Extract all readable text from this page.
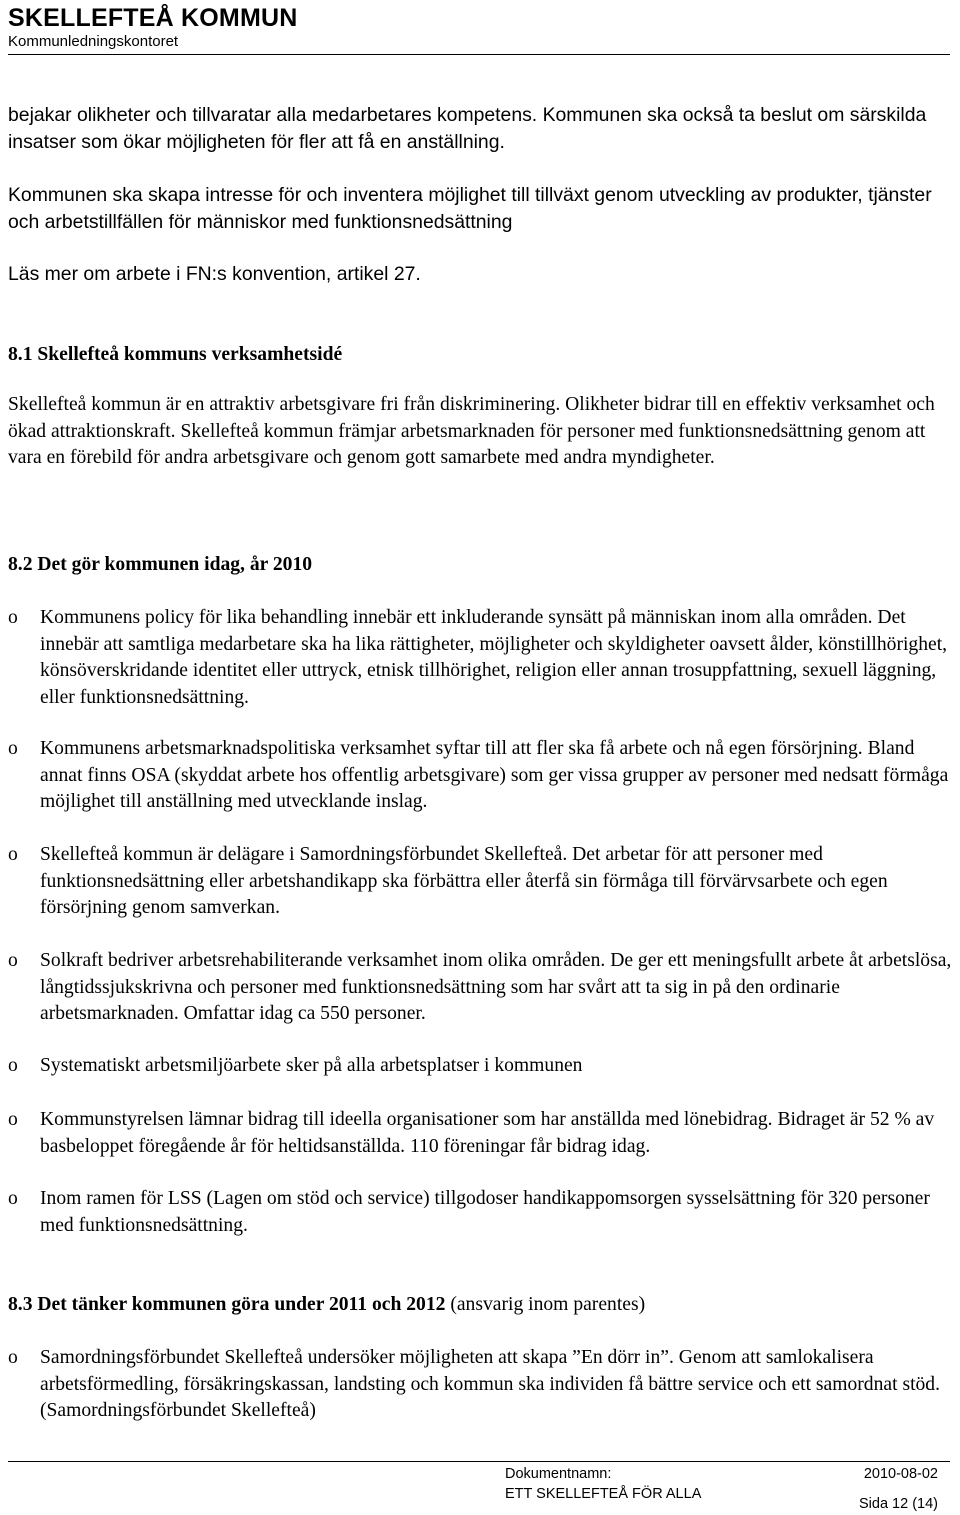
SKELLEFTEÅ KOMMUN
Kommunledningskontoret
bejakar olikheter och tillvaratar alla medarbetares kompetens. Kommunen ska också ta beslut om särskilda insatser som ökar möjligheten för fler att få en anställning.
Kommunen ska skapa intresse för och inventera möjlighet till tillväxt genom utveckling av produkter, tjänster och arbetstillfällen för människor med funktionsnedsättning
Läs mer om arbete i FN:s konvention, artikel 27.
8.1 Skellefteå kommuns verksamhetsidé
Skellefteå kommun är en attraktiv arbetsgivare fri från diskriminering. Olikheter bidrar till en effektiv verksamhet och ökad attraktionskraft. Skellefteå kommun främjar arbetsmarknaden för personer med funktionsnedsättning genom att vara en förebild för andra arbetsgivare och genom gott samarbete med andra myndigheter.
8.2 Det gör kommunen idag, år 2010
o	Kommunens policy för lika behandling innebär ett inkluderande synsätt på människan inom alla områden. Det innebär att samtliga medarbetare ska ha lika rättigheter, möjligheter och skyldigheter oavsett ålder, könstillhörighet, könsöverskridande identitet eller uttryck, etnisk tillhörighet, religion eller annan trosuppfattning, sexuell läggning, eller funktionsnedsättning.
o	Kommunens arbetsmarknadspolitiska verksamhet syftar till att fler ska få arbete och nå egen försörjning. Bland annat finns OSA (skyddat arbete hos offentlig arbetsgivare) som ger vissa grupper av personer med nedsatt förmåga möjlighet till anställning med utvecklande inslag.
o	Skellefteå kommun är delägare i Samordningsförbundet Skellefteå. Det arbetar för att personer med funktionsnedsättning eller arbetshandikapp ska förbättra eller återfå sin förmåga till förvärvsarbete och egen försörjning genom samverkan.
o	Solkraft bedriver arbetsrehabiliterande verksamhet inom olika områden. De ger ett meningsfullt arbete åt arbetslösa, långtidssjukskrivna och personer med funktionsnedsättning som har svårt att ta sig in på den ordinarie arbetsmarknaden. Omfattar idag ca 550 personer.
o	Systematiskt arbetsmiljöarbete sker på alla arbetsplatser i kommunen
o	Kommunstyrelsen lämnar bidrag till ideella organisationer som har anställda med lönebidrag. Bidraget är 52 % av basbeloppet föregående år för heltidsanställda. 110 föreningar får bidrag idag.
o	Inom ramen för LSS (Lagen om stöd och service) tillgodoser handikappomsorgen sysselsättning för 320 personer med funktionsnedsättning.
8.3 Det tänker kommunen göra under 2011 och 2012 (ansvarig inom parentes)
o	Samordningsförbundet Skellefteå undersöker möjligheten att skapa ”En dörr in”. Genom att samlokalisera arbetsförmedling, försäkringskassan, landsting och kommun ska individen få bättre service och ett samordnat stöd. (Samordningsförbundet Skellefteå)
Dokumentnamn:	2010-08-02
ETT SKELLEFTEÅ FÖR ALLA
Sida 12 (14)
